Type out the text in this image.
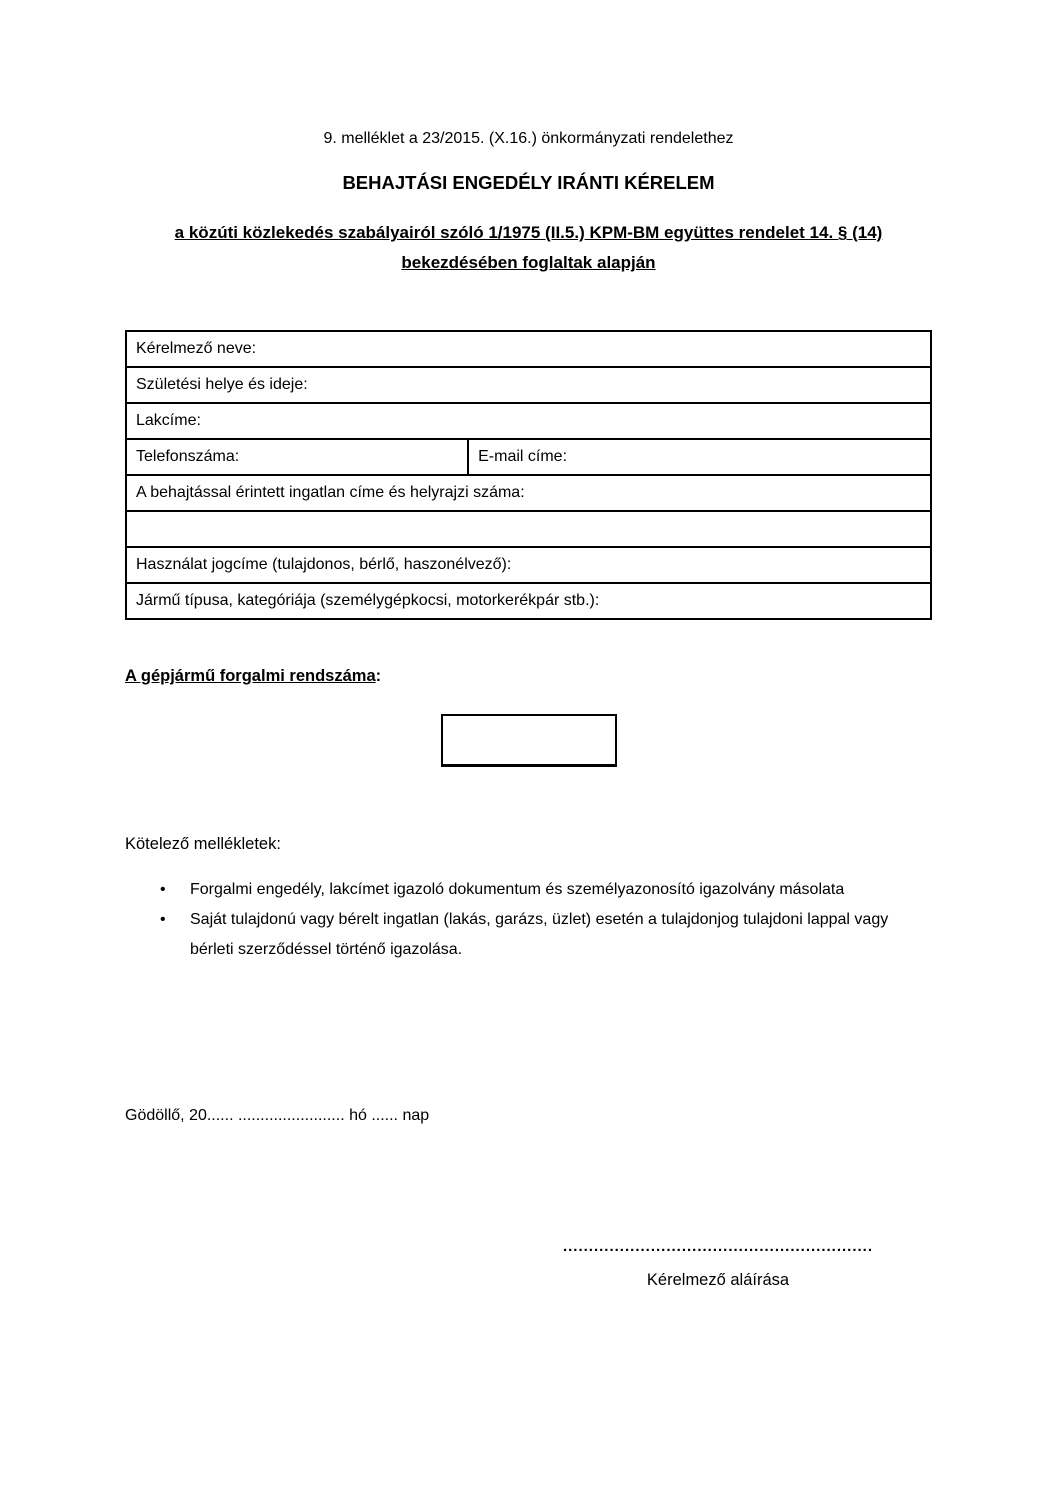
9. melléklet a 23/2015. (X.16.) önkormányzati rendelethez
BEHAJTÁSI ENGEDÉLY IRÁNTI KÉRELEM
a közúti közlekedés szabályairól szóló 1/1975 (II.5.) KPM-BM együttes rendelet 14. § (14) bekezdésében foglaltak alapján
Kérelmező neve:
Születési helye és ideje:
Lakcíme:
Telefonszáma:	E-mail címe:
A behajtással érintett ingatlan címe és helyrajzi száma:

Használat jogcíme (tulajdonos, bérlő, haszonélvező):
Jármű típusa, kategóriája (személygépkocsi, motorkerékpár stb.):
A gépjármű forgalmi rendszáma:
Kötelező mellékletek:
• Forgalmi engedély, lakcímet igazoló dokumentum és személyazonosító igazolvány másolata
• Saját tulajdonú vagy bérelt ingatlan (lakás, garázs, üzlet) esetén a tulajdonjog tulajdoni lappal vagy bérleti szerződéssel történő igazolása.
Gödöllő, 20...... ........................ hó ...... nap
............................................................
Kérelmező aláírása
